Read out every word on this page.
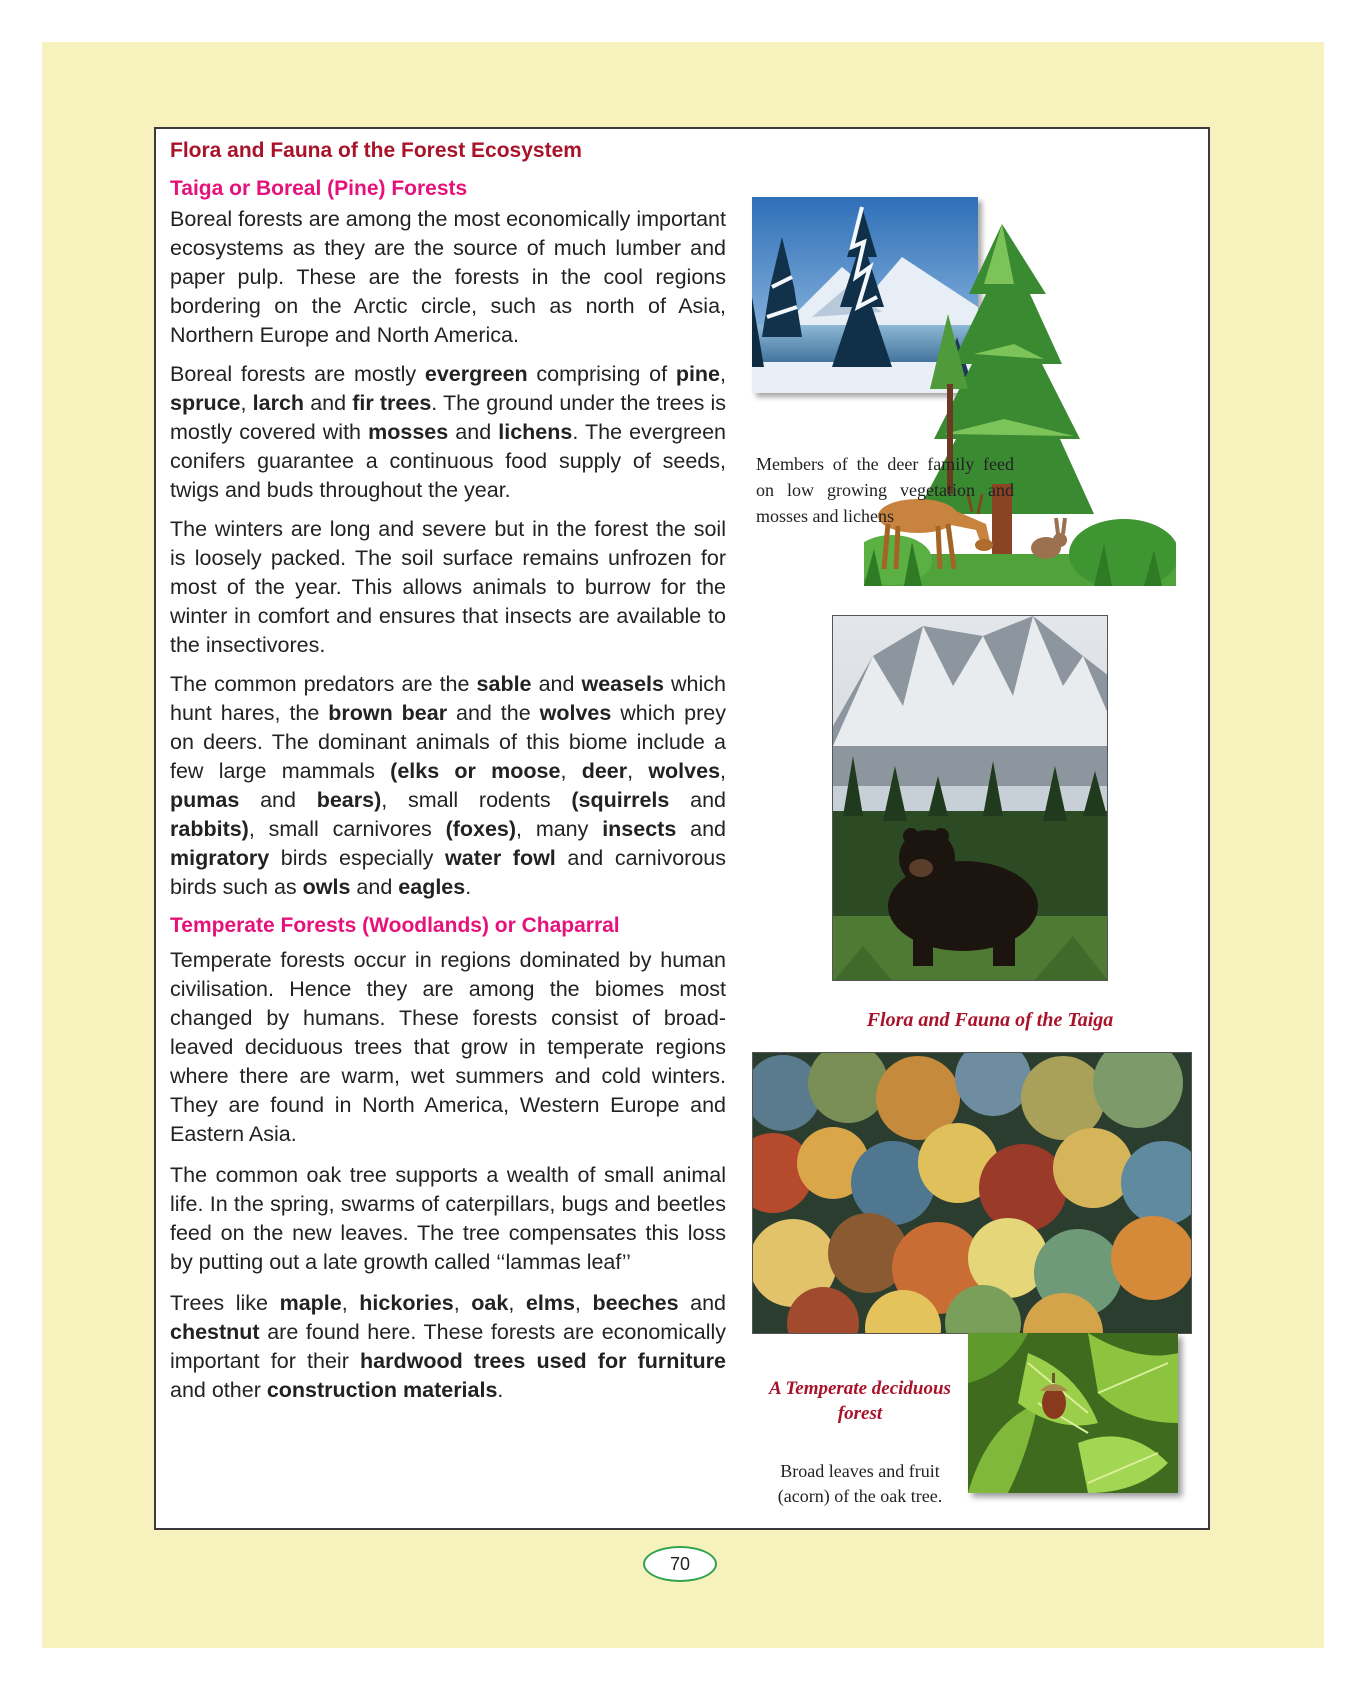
Flora and Fauna of the Forest Ecosystem
Taiga or Boreal (Pine) Forests

Boreal forests are among the most economically important ecosystems as they are the source of much lumber and paper pulp. These are the forests in the cool regions bordering on the Arctic circle, such as north of Asia, Northern Europe and North America.

Boreal forests are mostly evergreen comprising of pine, spruce, larch and fir trees. The ground under the trees is mostly covered with mosses and lichens. The evergreen conifers guarantee a continuous food supply of seeds, twigs and buds throughout the year.

The winters are long and severe but in the forest the soil is loosely packed. The soil surface remains unfrozen for most of the year. This allows animals to burrow for the winter in comfort and ensures that insects are available to the insectivores.

The common predators are the sable and weasels which hunt hares, the brown bear and the wolves which prey on deers. The dominant animals of this biome include a few large mammals (elks or moose, deer, wolves, pumas and bears), small rodents (squirrels and rabbits), small carnivores (foxes), many insects and migratory birds especially water fowl and carnivorous birds such as owls and eagles.

Temperate Forests (Woodlands) or Chaparral

Temperate forests occur in regions dominated by human civilisation. Hence they are among the biomes most changed by humans. These forests consist of broad-leaved deciduous trees that grow in temperate regions where there are warm, wet summers and cold winters. They are found in North America, Western Europe and Eastern Asia.

The common oak tree supports a wealth of small animal life. In the spring, swarms of caterpillars, bugs and beetles feed on the new leaves. The tree compensates this loss by putting out a late growth called ‘‘lammas leaf’’

Trees like maple, hickories, oak, elms, beeches and chestnut are found here. These forests are economically important for their hardwood trees used for furniture and other construction materials.

Members of the deer family feed on low growing vegetation and mosses and lichens
Flora and Fauna of the Taiga
A Temperate deciduous forest
Broad leaves and fruit (acorn) of the oak tree.
70
